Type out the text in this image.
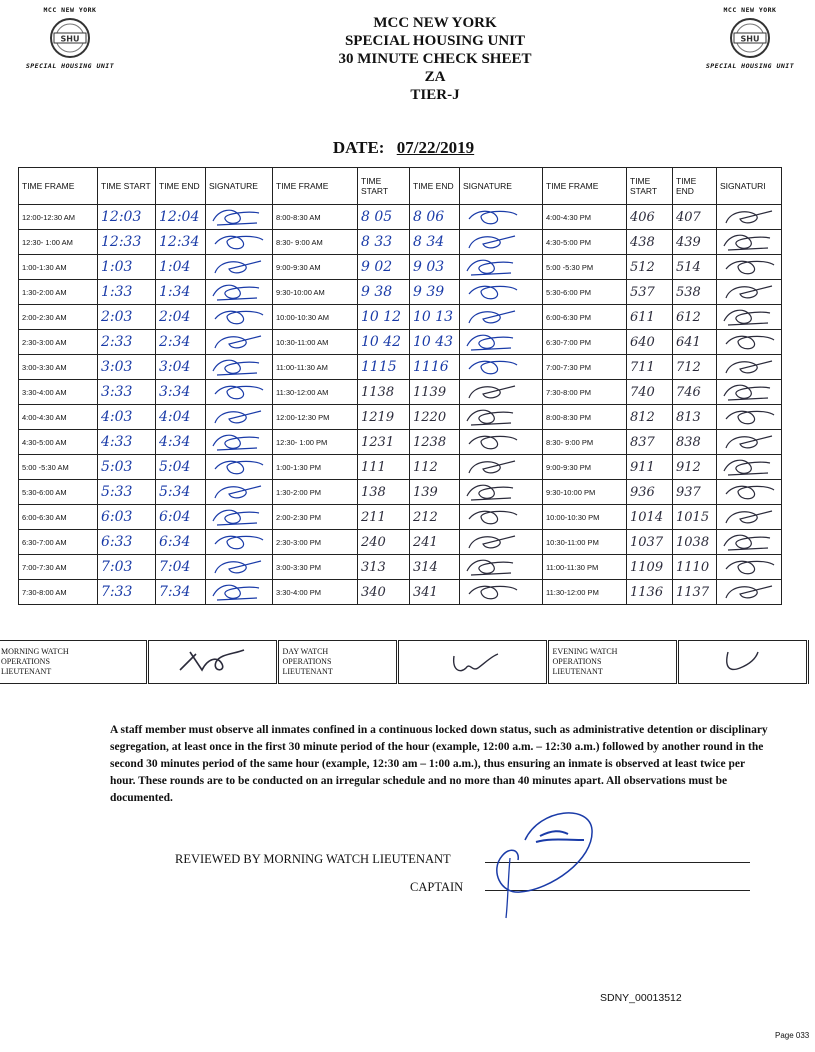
MCC NEW YORK
SHU
SPECIAL HOUSING UNIT
MCC NEW YORK
SHU
SPECIAL HOUSING UNIT
MCC NEW YORK
SPECIAL HOUSING UNIT
30 MINUTE CHECK SHEET
ZA
TIER-J
DATE: 07/22/2019
TIME FRAME	TIME START	TIME END	SIGNATURE	TIME FRAME	TIME START	TIME END	SIGNATURE	TIME FRAME	TIME START	TIME END	SIGNATURI
12:00-12:30 AM	12:03	12:04		8:00-8:30 AM	8 05	8 06		4:00-4:30 PM	406	407	
12:30- 1:00 AM	12:33	12:34		8:30- 9:00 AM	8 33	8 34		4:30-5:00 PM	438	439	
1:00-1:30 AM	1:03	1:04		9:00-9:30 AM	9 02	9 03		5:00 -5:30 PM	512	514	
1:30-2:00 AM	1:33	1:34		9:30-10:00 AM	9 38	9 39		5:30-6:00 PM	537	538	
2:00-2:30 AM	2:03	2:04		10:00-10:30 AM	10 12	10 13		6:00-6:30 PM	611	612	
2:30-3:00 AM	2:33	2:34		10:30-11:00 AM	10 42	10 43		6:30-7:00 PM	640	641	
3:00-3:30 AM	3:03	3:04		11:00-11:30 AM	1115	1116		7:00-7:30 PM	711	712	
3:30-4:00 AM	3:33	3:34		11:30-12:00 AM	1138	1139		7:30-8:00 PM	740	746	
4:00-4:30 AM	4:03	4:04		12:00-12:30 PM	1219	1220		8:00-8:30 PM	812	813	
4:30-5:00 AM	4:33	4:34		12:30- 1:00 PM	1231	1238		8:30- 9:00 PM	837	838	
5:00 -5:30 AM	5:03	5:04		1:00-1:30 PM	111	112		9:00-9:30 PM	911	912	
5:30-6:00 AM	5:33	5:34		1:30-2:00 PM	138	139		9:30-10:00 PM	936	937	
6:00-6:30 AM	6:03	6:04		2:00-2:30 PM	211	212		10:00-10:30 PM	1014	1015	
6:30-7:00 AM	6:33	6:34		2:30-3:00 PM	240	241		10:30-11:00 PM	1037	1038	
7:00-7:30 AM	7:03	7:04		3:00-3:30 PM	313	314		11:00-11:30 PM	1109	1110	
7:30-8:00 AM	7:33	7:34		3:30-4:00 PM	340	341		11:30-12:00 PM	1136	1137	
MORNING WATCH
OPERATIONS
LIEUTENANT

DAY WATCH
OPERATIONS
LIEUTENANT

EVENING WATCH
OPERATIONS
LIEUTENANT

A staff member must observe all inmates confined in a continuous locked down status, such as administrative detention or disciplinary segregation, at least once in the first 30 minute period of the hour (example, 12:00 a.m. – 12:30 a.m.) followed by another round in the second 30 minutes period of the same hour (example, 12:30 am – 1:00 a.m.), thus ensuring an inmate is observed at least twice per hour. These rounds are to be conducted on an irregular schedule and no more than 40 minutes apart. All observations must be documented.
REVIEWED BY MORNING WATCH LIEUTENANT
CAPTAIN
SDNY_00013512
Page 033
